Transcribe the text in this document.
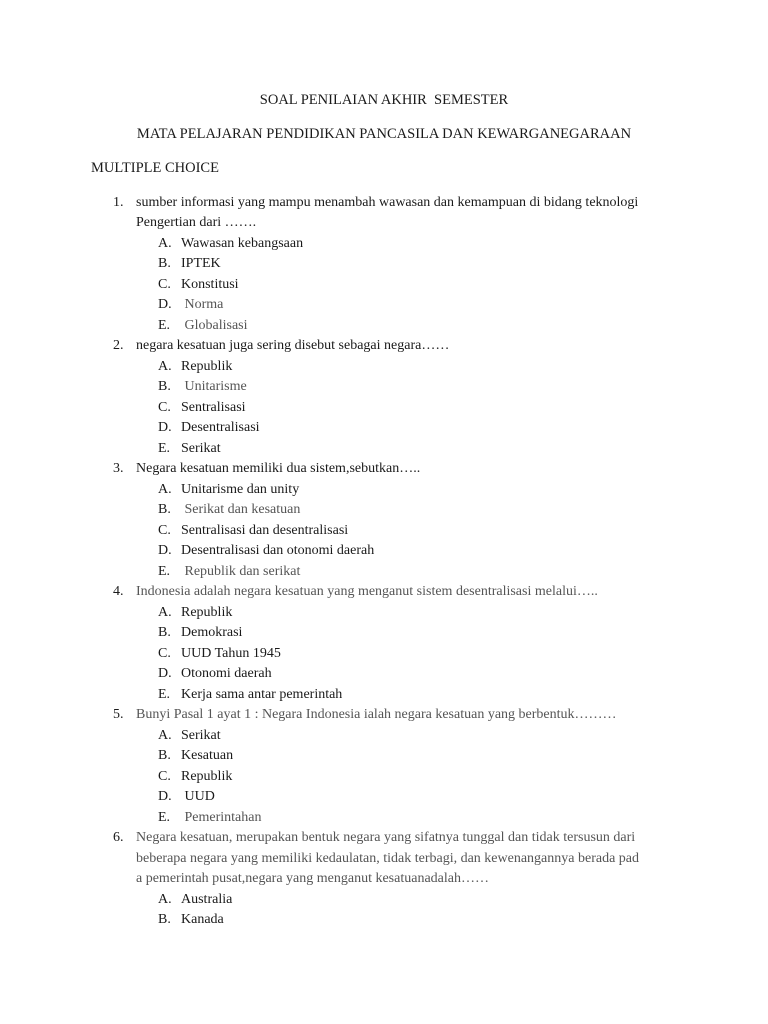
SOAL PENILAIAN AKHIR  SEMESTER
MATA PELAJARAN PENDIDIKAN PANCASILA DAN KEWARGANEGARAAN
MULTIPLE CHOICE
1. sumber informasi yang mampu menambah wawasan dan kemampuan di bidang teknologi
Pengertian dari …….
A. Wawasan kebangsaan
B. IPTEK
C. Konstitusi
D. Norma
E. Globalisasi
2. negara kesatuan juga sering disebut sebagai negara……
A. Republik
B. Unitarisme
C. Sentralisasi
D. Desentralisasi
E. Serikat
3. Negara kesatuan memiliki dua sistem,sebutkan…..
A. Unitarisme dan unity
B. Serikat dan kesatuan
C. Sentralisasi dan desentralisasi
D. Desentralisasi dan otonomi daerah
E. Republik dan serikat
4. Indonesia adalah negara kesatuan yang menganut sistem desentralisasi melalui…..
A. Republik
B. Demokrasi
C. UUD Tahun 1945
D. Otonomi daerah
E. Kerja sama antar pemerintah
5. Bunyi Pasal 1 ayat 1 : Negara Indonesia ialah negara kesatuan yang berbentuk………
A. Serikat
B. Kesatuan
C. Republik
D. UUD
E. Pemerintahan
6. Negara kesatuan, merupakan bentuk negara yang sifatnya tunggal dan tidak tersusun dari
beberapa negara yang memiliki kedaulatan, tidak terbagi, dan kewenangannya berada pad
a pemerintah pusat,negara yang menganut kesatuanadalah……
A. Australia
B. Kanada
